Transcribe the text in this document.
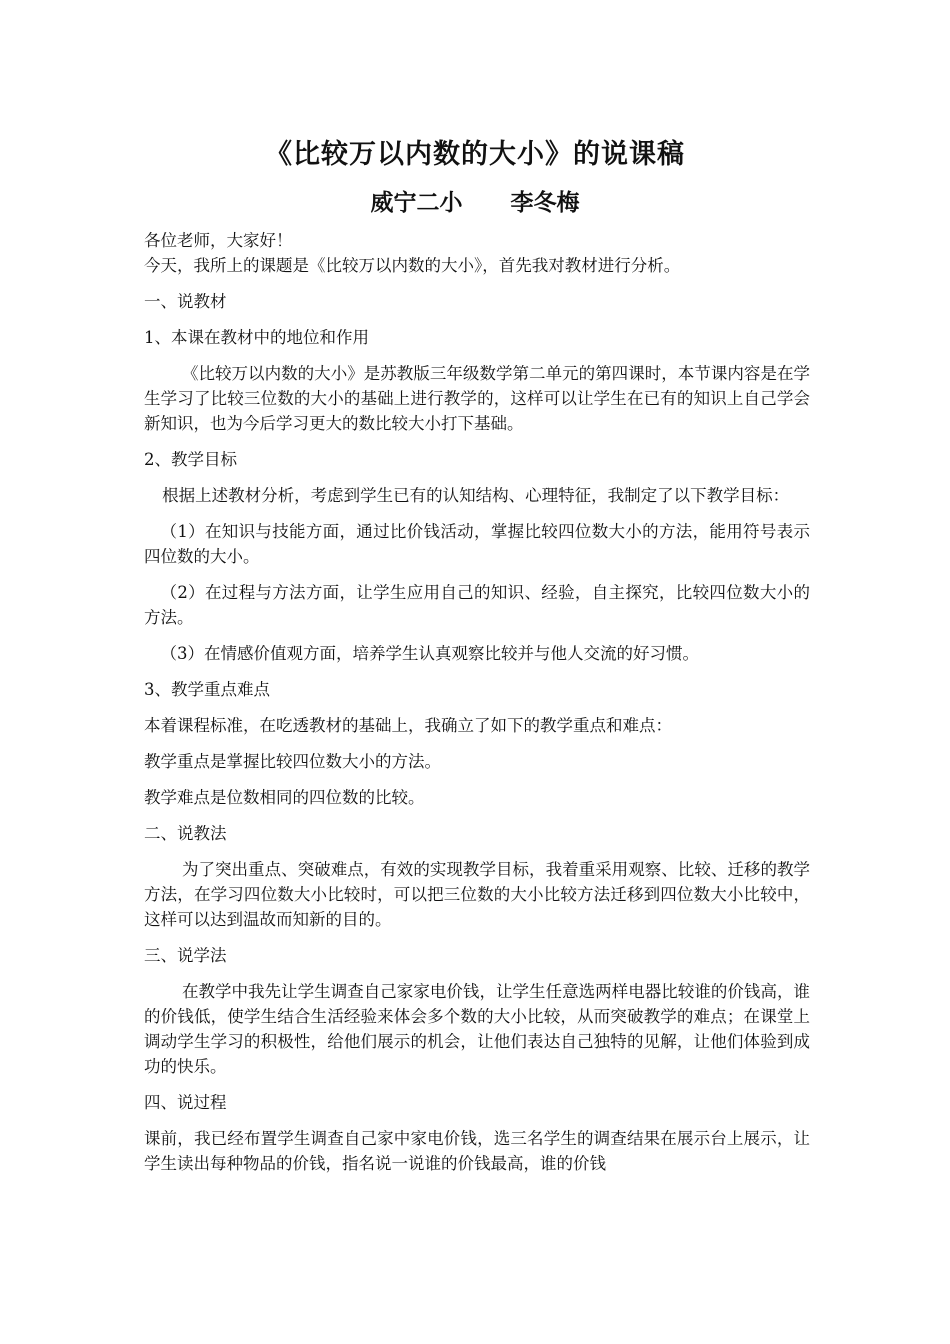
《比较万以内数的大小》的说课稿
威宁二小      李冬梅

各位老师，大家好！

今天，我所上的课题是《比较万以内数的大小》，首先我对教材进行分析。

一、说教材

1、本课在教材中的地位和作用

《比较万以内数的大小》是苏教版三年级数学第二单元的第四课时，本节课内容是在学生学习了比较三位数的大小的基础上进行教学的，这样可以让学生在已有的知识上自己学会新知识，也为今后学习更大的数比较大小打下基础。

2、教学目标

根据上述教材分析，考虑到学生已有的认知结构、心理特征，我制定了以下教学目标：

（1）在知识与技能方面，通过比价钱活动，掌握比较四位数大小的方法，能用符号表示四位数的大小。

（2）在过程与方法方面，让学生应用自己的知识、经验，自主探究，比较四位数大小的方法。

（3）在情感价值观方面，培养学生认真观察比较并与他人交流的好习惯。

3、教学重点难点

本着课程标准，在吃透教材的基础上，我确立了如下的教学重点和难点：

教学重点是掌握比较四位数大小的方法。

教学难点是位数相同的四位数的比较。

二、说教法

为了突出重点、突破难点，有效的实现教学目标，我着重采用观察、比较、迁移的教学方法，在学习四位数大小比较时，可以把三位数的大小比较方法迁移到四位数大小比较中，这样可以达到温故而知新的目的。

三、说学法

在教学中我先让学生调查自己家家电价钱，让学生任意选两样电器比较谁的价钱高，谁的价钱低，使学生结合生活经验来体会多个数的大小比较，从而突破教学的难点；在课堂上调动学生学习的积极性，给他们展示的机会，让他们表达自己独特的见解，让他们体验到成功的快乐。

四、说过程

课前，我已经布置学生调查自己家中家电价钱，选三名学生的调查结果在展示台上展示，让学生读出每种物品的价钱，指名说一说谁的价钱最高，谁的价钱
